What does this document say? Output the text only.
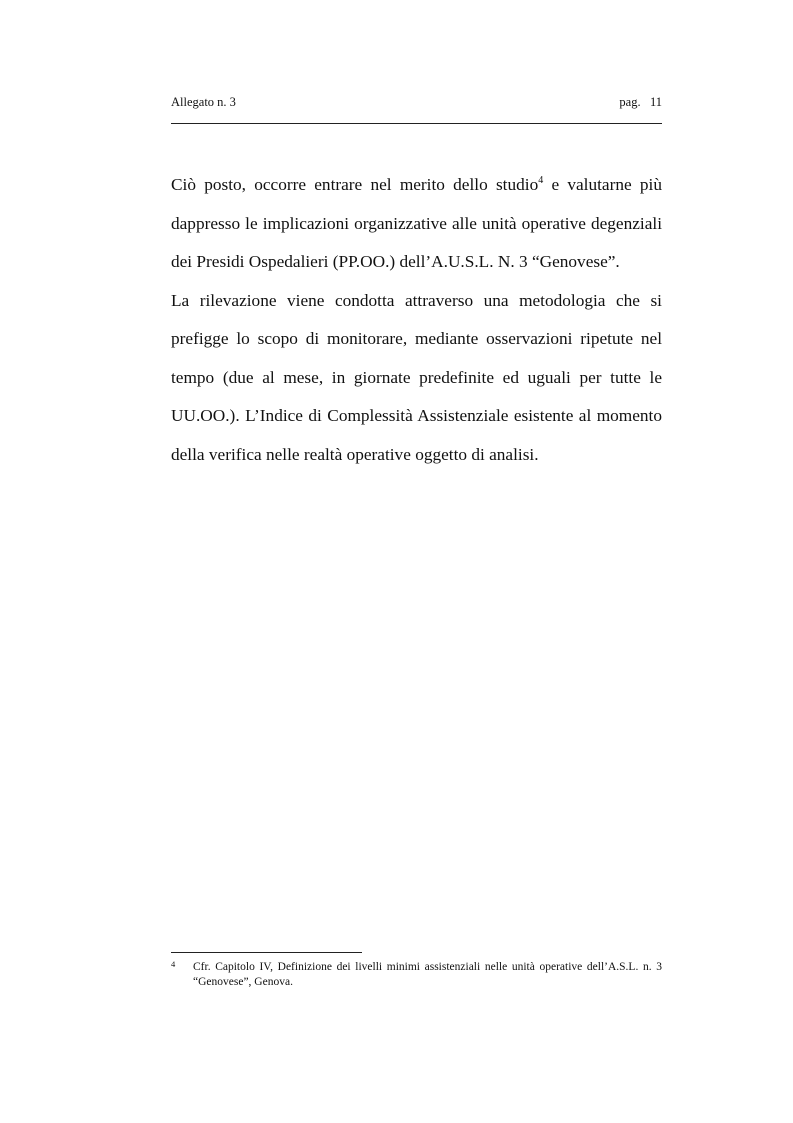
Allegato n. 3	pag.   11

Ciò posto, occorre entrare nel merito dello studio$^4$ e valutarne più dappresso le implicazioni organizzative alle unità operative degenziali dei Presidi Ospedalieri (PP.OO.) dell’A.U.S.L. N. 3 “Genovese”.

La rilevazione viene condotta attraverso una metodologia che si prefigge lo scopo di monitorare, mediante osservazioni ripetute nel tempo (due al mese, in giornate predefinite ed uguali per tutte le UU.OO.). L’Indice di Complessità Assistenziale esistente al momento della verifica nelle realtà operative oggetto di analisi.

4 Cfr. Capitolo IV, Definizione dei livelli minimi assistenziali nelle unità operative dell’A.S.L. n. 3 “Genovese”, Genova.
